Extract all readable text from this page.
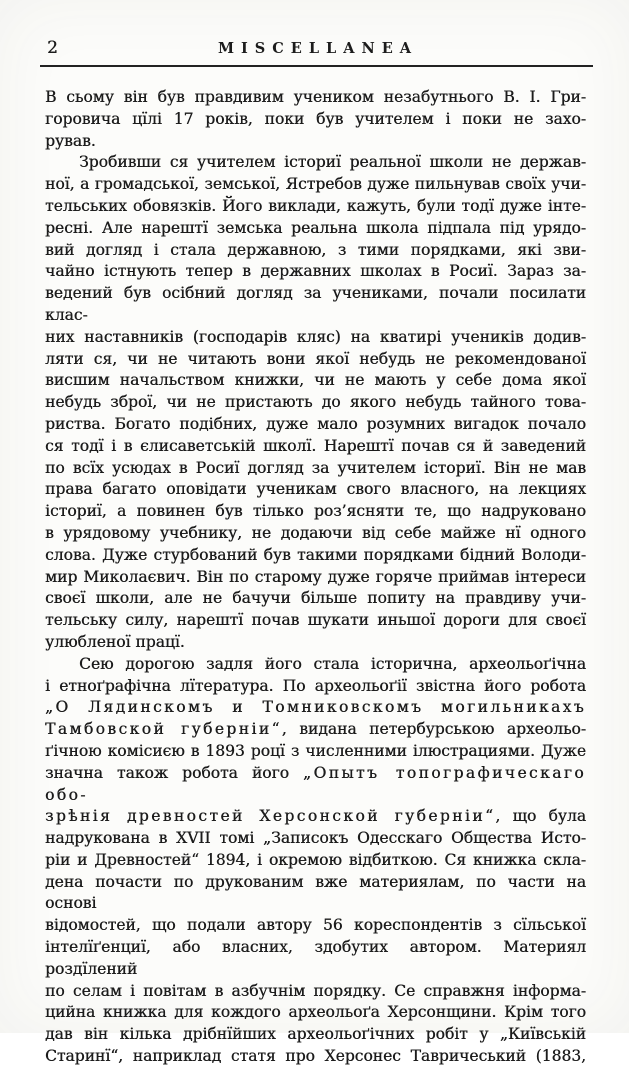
2	MISCELLANEA
В сьому він був правдивим учеником незабутнього В. І. Гри-
горовича цїлі 17 років, поки був учителем і поки не захо-
рував.
Зробивши ся учителем істориї реальної школи не держав-
ної, а громадської, земської, Ястребов дуже пильнував своїх учи-
тельських обовязків. Його виклади, кажуть, були тодї дуже інте-
ресні. Але нарештї земська реальна школа підпала під урядо-
вий догляд і стала державною, з тими порядками, які зви-
чайно істнують тепер в державних школах в Росиї. Зараз за-
ведений був осібний догляд за учениками, почали посилати клас-
них наставників (господарів кляс) на кватирі учеників додив-
ляти ся, чи не читають вони якої небудь не рекомендованої
висшим начальством книжки, чи не мають у себе дома якої
небудь зброї, чи не пристають до якого небудь тайного това-
риства. Богато подібних, дуже мало розумних вигадок почало
ся тодї і в єлисаветській школї. Нарештї почав ся й заведений
по всїх усюдах в Росиї догляд за учителем істориї. Він не мав
права багато оповідати ученикам свого власного, на лекциях
істориї, а повинен був тілько роз’ясняти те, що надруковано
в урядовому учебнику, не додаючи від себе майже нї одного
слова. Дуже стурбований був такими порядками бідний Володи-
мир Миколаєвич. Він по старому дуже горяче приймав інтереси
своєї школи, але не бачучи більше попиту на правдиву учи-
тельську силу, нарештї почав шукати иньшої дороги для своєї
улюбленої працї.
Сею дорогою задля його стала історична, археольоґічна
і етноґрафічна лїтература. По археольоґії звістна його робота
„О Лядинскомъ и Томниковскомъ могильникахъ
Тамбовской губерніи“, видана петербурською археольо-
ґічною комісиєю в 1893 роцї з численними ілюстрациями. Дуже
значна також робота його „Опытъ топографическаго обо-
зрѣнія древностей Херсонской губерніи“, що була
надрукована в XVII томі „Записокъ Одесскаго Общества Исто-
ріи и Древностей“ 1894, і окремою відбиткою. Ся книжка скла-
дена почасти по друкованим вже материялам, по части на основі
відомостей, що подали автору 56 кореспондентів з сїльської
інтелїґенциї, або власних, здобутих автором. Материял роздїлений
по селам і повітам в азбучнім порядку. Се справжня інформа-
цийна книжка для кождого археольоґа Херсонщини. Крім того
дав він кілька дрібнїйших археольоґічних робіт у „Київській
Старинї“, наприклад статя про Херсонес Тавричеський (1883,
